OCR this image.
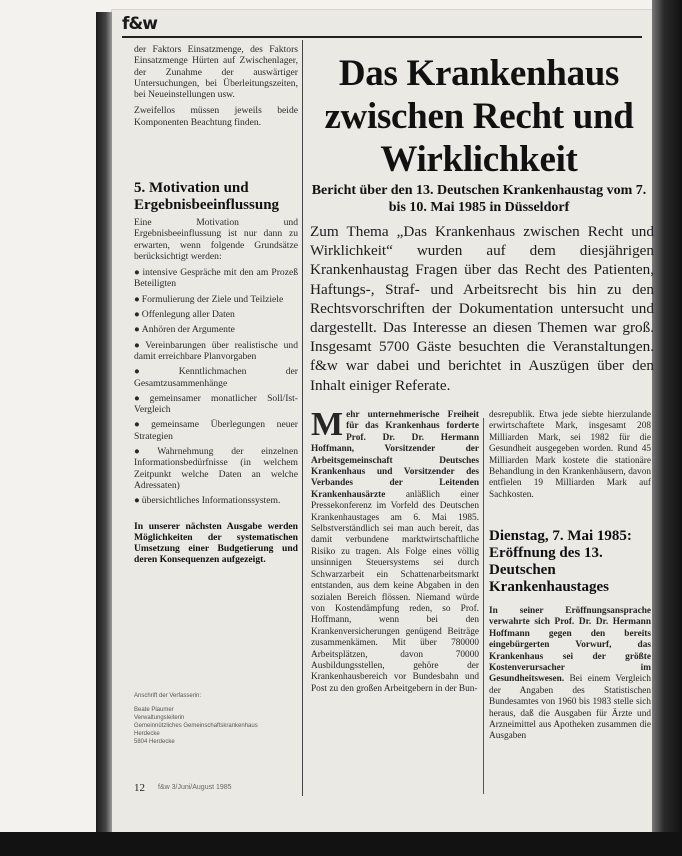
f&w

der Faktors Einsatzmenge, des Faktors Einsatzmenge Hürten auf Zwischenlager, der Zunahme der auswärtiger Untersuchungen, bei Überleitungszeiten, bei Neueinstellungen usw.

Zweifellos müssen jeweils beide Komponenten Beachtung finden.

5. Motivation und Ergebnisbeeinflussung

Eine Motivation und Ergebnisbeeinflussung ist nur dann zu erwarten, wenn folgende Grundsätze berücksichtigt werden:

● intensive Gespräche mit den am Prozeß Beteiligten
● Formulierung der Ziele und Teilziele
● Offenlegung aller Daten
● Anhören der Argumente
● Vereinbarungen über realistische und damit erreichbare Planvorgaben
● Kenntlichmachen der Gesamtzusammenhänge
● gemeinsamer monatlicher Soll/Ist-Vergleich
● gemeinsame Überlegungen neuer Strategien
● Wahrnehmung der einzelnen Informationsbedürfnisse (in welchem Zeitpunkt welche Daten an welche Adressaten)
● übersichtliches Informationssystem.

In unserer nächsten Ausgabe werden Möglichkeiten der systematischen Umsetzung einer Budgetierung und deren Konsequenzen aufgezeigt.

Anschrift der Verfasserin:
Beate Plaumer
Verwaltungsleiterin
Gemeinnützliches Gemeinschaftskrankenhaus
Herdecke
5804 Herdecke
Das Krankenhaus zwischen Recht und Wirklichkeit
Bericht über den 13. Deutschen Krankenhaustag vom 7. bis 10. Mai 1985 in Düsseldorf
Zum Thema „Das Krankenhaus zwischen Recht und Wirklichkeit“ wurden auf dem diesjährigen Krankenhaustag Fragen über das Recht des Patienten, Haftungs-, Straf- und Arbeitsrecht bis hin zu den Rechtsvorschriften der Dokumentation untersucht und dargestellt. Das Interesse an diesen Themen war groß. Insgesamt 5700 Gäste besuchten die Veranstaltungen. f&w war dabei und berichtet in Auszügen über den Inhalt einiger Referate.
M ehr unternehmerische Freiheit für das Krankenhaus forderte Prof. Dr. Dr. Hermann Hoffmann, Vorsitzender der Arbeitsgemeinschaft Deutsches Krankenhaus und Vorsitzender des Verbandes der Leitenden Krankenhausärzte anläßlich einer Pressekonferenz im Vorfeld des Deutschen Krankenhaustages am 6. Mai 1985. Selbstverständlich sei man auch bereit, das damit verbundene marktwirtschaftliche Risiko zu tragen. Als Folge eines völlig unsinnigen Steuersystems sei durch Schwarzarbeit ein Schattenarbeitsmarkt entstanden, aus dem keine Abgaben in den sozialen Bereich flössen. Niemand würde von Kostendämpfung reden, so Prof. Hoffmann, wenn bei den Krankenversicherungen genügend Beiträge zusammenkämen. Mit über 780000 Arbeitsplätzen, davon 70000 Ausbildungsstellen, gehöre der Krankenhausbereich vor Bundesbahn und Post zu den großen Arbeitgebern in der Bun-
desrepublik. Etwa jede siebte hierzulande erwirtschaftete Mark, insgesamt 208 Milliarden Mark, sei 1982 für die Gesundheit ausgegeben worden. Rund 45 Milliarden Mark kostete die stationäre Behandlung in den Krankenhäusern, davon entfielen 19 Milliarden Mark auf Sachkosten.
Dienstag, 7. Mai 1985: Eröffnung des 13. Deutschen Krankenhaustages
In seiner Eröffnungsansprache verwahrte sich Prof. Dr. Dr. Hermann Hoffmann gegen den bereits eingebürgerten Vorwurf, das Krankenhaus sei der größte Kostenverursacher im Gesundheitswesen. Bei einem Vergleich der Angaben des Statistischen Bundesamtes von 1960 bis 1983 stelle sich heraus, daß die Ausgaben für Ärzte und Arzneimittel aus Apotheken zusammen die Ausgaben
12 f&w 3/Juni/August 1985
